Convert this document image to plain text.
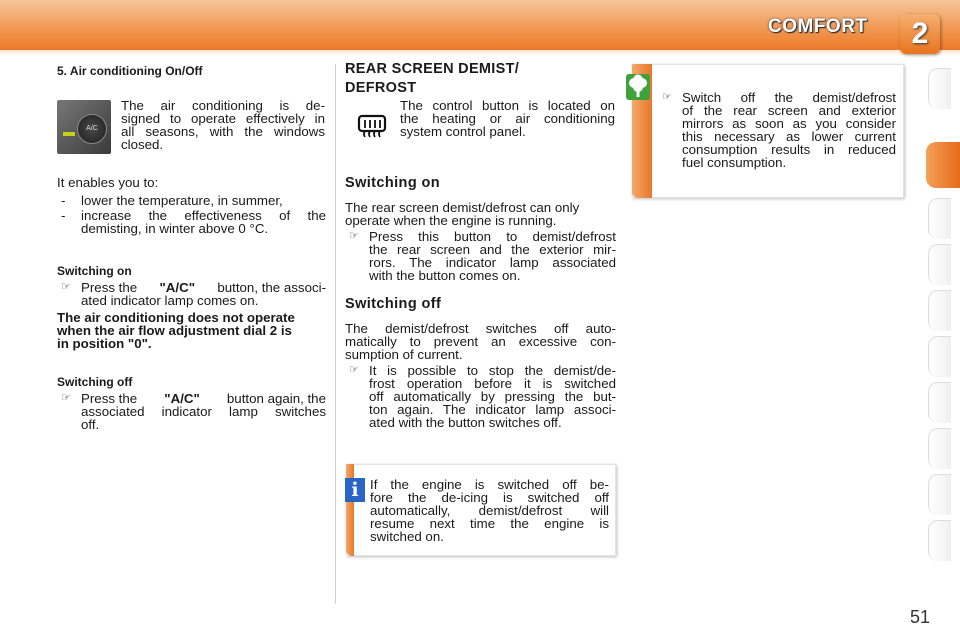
COMFORT	2
5. Air conditioning On/Off
A/C
The air conditioning is de-
signed to operate effectively in
all seasons, with the windows
closed.
It enables you to:
- lower the temperature, in summer,
- increase the effectiveness of the
demisting, in winter above 0 °C.
Switching on
☞ Press the "A/C" button, the associ-
ated indicator lamp comes on.
The air conditioning does not operate
when the air flow adjustment dial 2 is
in position "0".
Switching off
☞ Press the "A/C" button again, the
associated indicator lamp switches
off.
REAR SCREEN DEMIST/
DEFROST
The control button is located on
the heating or air conditioning
system control panel.
Switching on
The rear screen demist/defrost can only
operate when the engine is running.
☞ Press this button to demist/defrost
the rear screen and the exterior mir-
rors. The indicator lamp associated
with the button comes on.
Switching off
The demist/defrost switches off auto-
matically to prevent an excessive con-
sumption of current.
☞ It is possible to stop the demist/de-
frost operation before it is switched
off automatically by pressing the but-
ton again. The indicator lamp associ-
ated with the button switches off.
i If the engine is switched off be-
fore the de-icing is switched off
automatically, demist/defrost will
resume next time the engine is
switched on.
☞ Switch off the demist/defrost
of the rear screen and exterior
mirrors as soon as you consider
this necessary as lower current
consumption results in reduced
fuel consumption.
51
